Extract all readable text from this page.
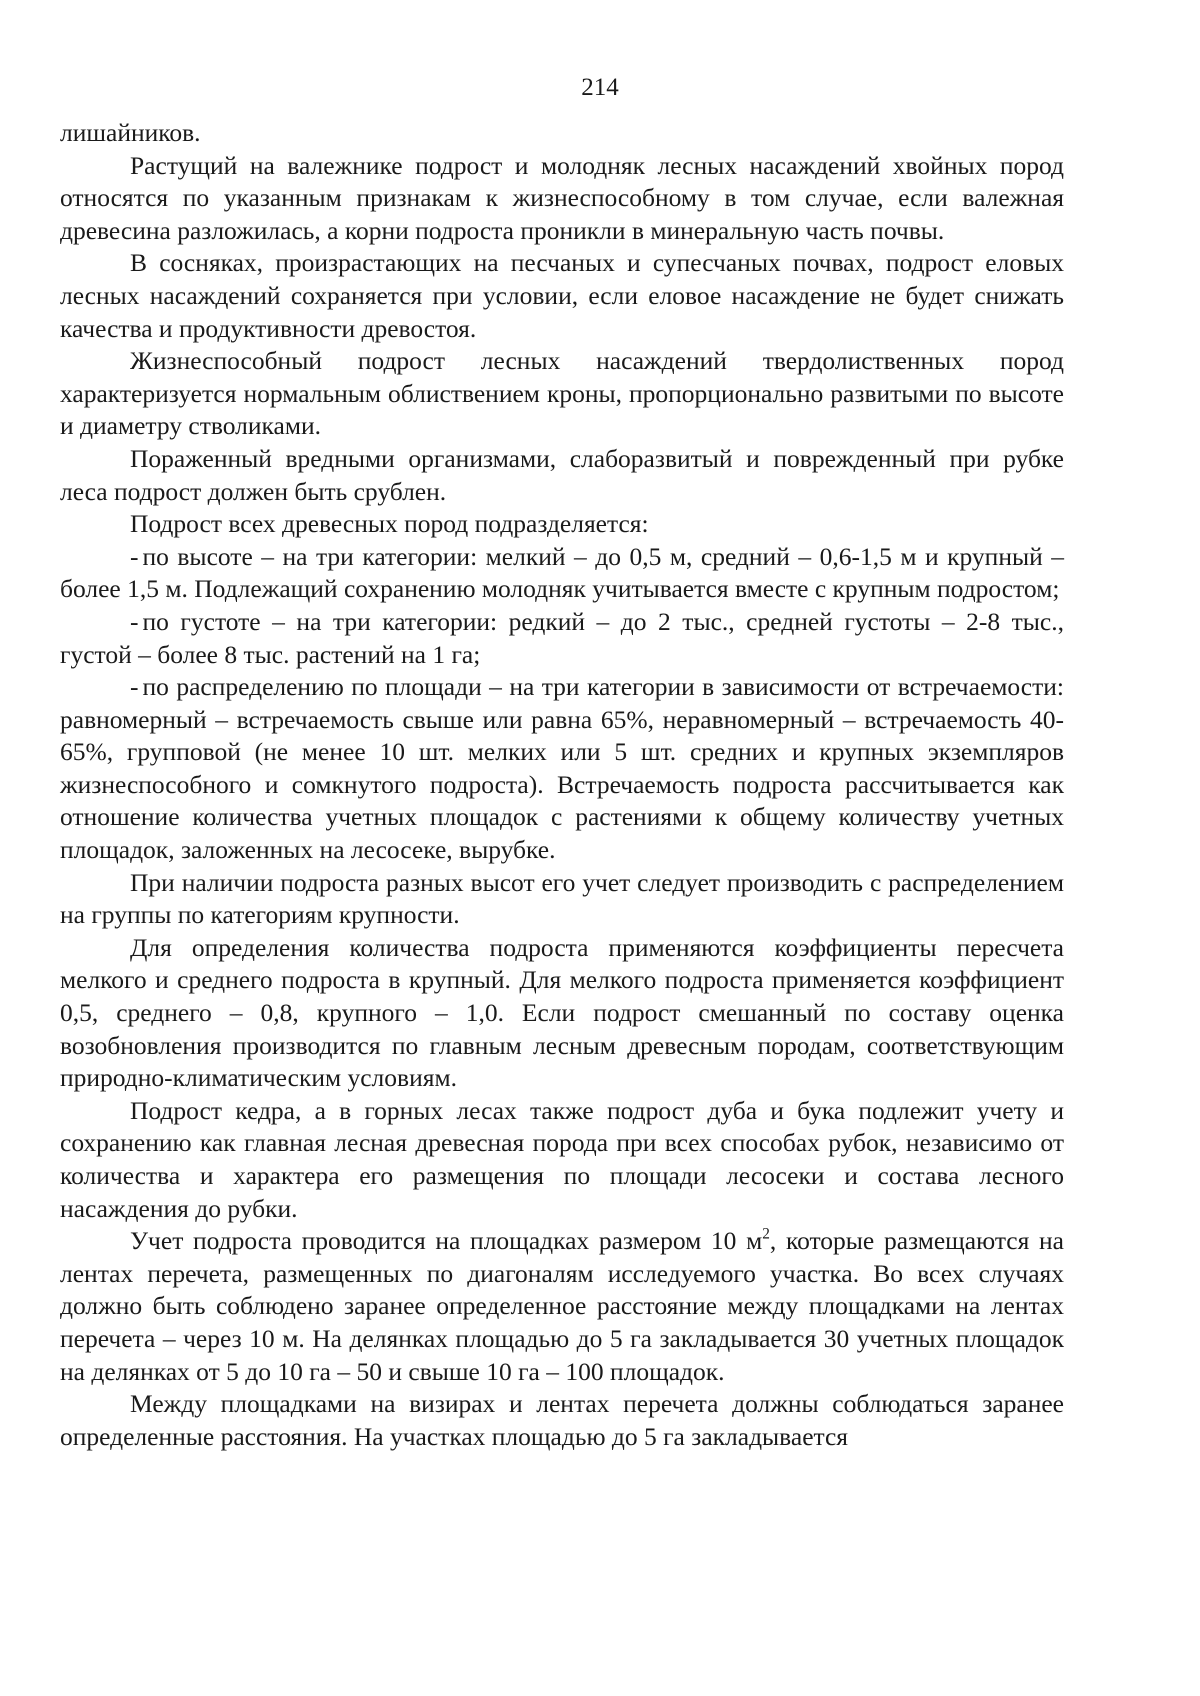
214

лишайников.

Растущий на валежнике подрост и молодняк лесных насаждений хвойных пород относятся по указанным признакам к жизнеспособному в том случае, если валежная древесина разложилась, а корни подроста проникли в минеральную часть почвы.

В сосняках, произрастающих на песчаных и супесчаных почвах, подрост еловых лесных насаждений сохраняется при условии, если еловое насаждение не будет снижать качества и продуктивности древостоя.

Жизнеспособный подрост лесных насаждений твердолиственных пород характеризуется нормальным облиствением кроны, пропорционально развитыми по высоте и диаметру стволиками.

Пораженный вредными организмами, слаборазвитый и поврежденный при рубке леса подрост должен быть срублен.

Подрост всех древесных пород подразделяется:

- по высоте – на три категории: мелкий – до 0,5 м, средний – 0,6-1,5 м и крупный – более 1,5 м. Подлежащий сохранению молодняк учитывается вместе с крупным подростом;

- по густоте – на три категории: редкий – до 2 тыс., средней густоты – 2-8 тыс., густой – более 8 тыс. растений на 1 га;

- по распределению по площади – на три категории в зависимости от встречаемости: равномерный – встречаемость свыше или равна 65%, неравномерный – встречаемость 40-65%, групповой (не менее 10 шт. мелких или 5 шт. средних и крупных экземпляров жизнеспособного и сомкнутого подроста). Встречаемость подроста рассчитывается как отношение количества учетных площадок с растениями к общему количеству учетных площадок, заложенных на лесосеке, вырубке.

При наличии подроста разных высот его учет следует производить с распределением на группы по категориям крупности.

Для определения количества подроста применяются коэффициенты пересчета мелкого и среднего подроста в крупный. Для мелкого подроста применяется коэффициент 0,5, среднего – 0,8, крупного – 1,0. Если подрост смешанный по составу оценка возобновления производится по главным лесным древесным породам, соответствующим природно-климатическим условиям.

Подрост кедра, а в горных лесах также подрост дуба и бука подлежит учету и сохранению как главная лесная древесная порода при всех способах рубок, независимо от количества и характера его размещения по площади лесосеки и состава лесного насаждения до рубки.

Учет подроста проводится на площадках размером 10 $м^2$, которые размещаются на лентах перечета, размещенных по диагоналям исследуемого участка. Во всех случаях должно быть соблюдено заранее определенное расстояние между площадками на лентах перечета – через 10 м. На делянках площадью до 5 га закладывается 30 учетных площадок на делянках от 5 до 10 га – 50 и свыше 10 га – 100 площадок.

Между площадками на визирах и лентах перечета должны соблюдаться заранее определенные расстояния. На участках площадью до 5 га закладывается
